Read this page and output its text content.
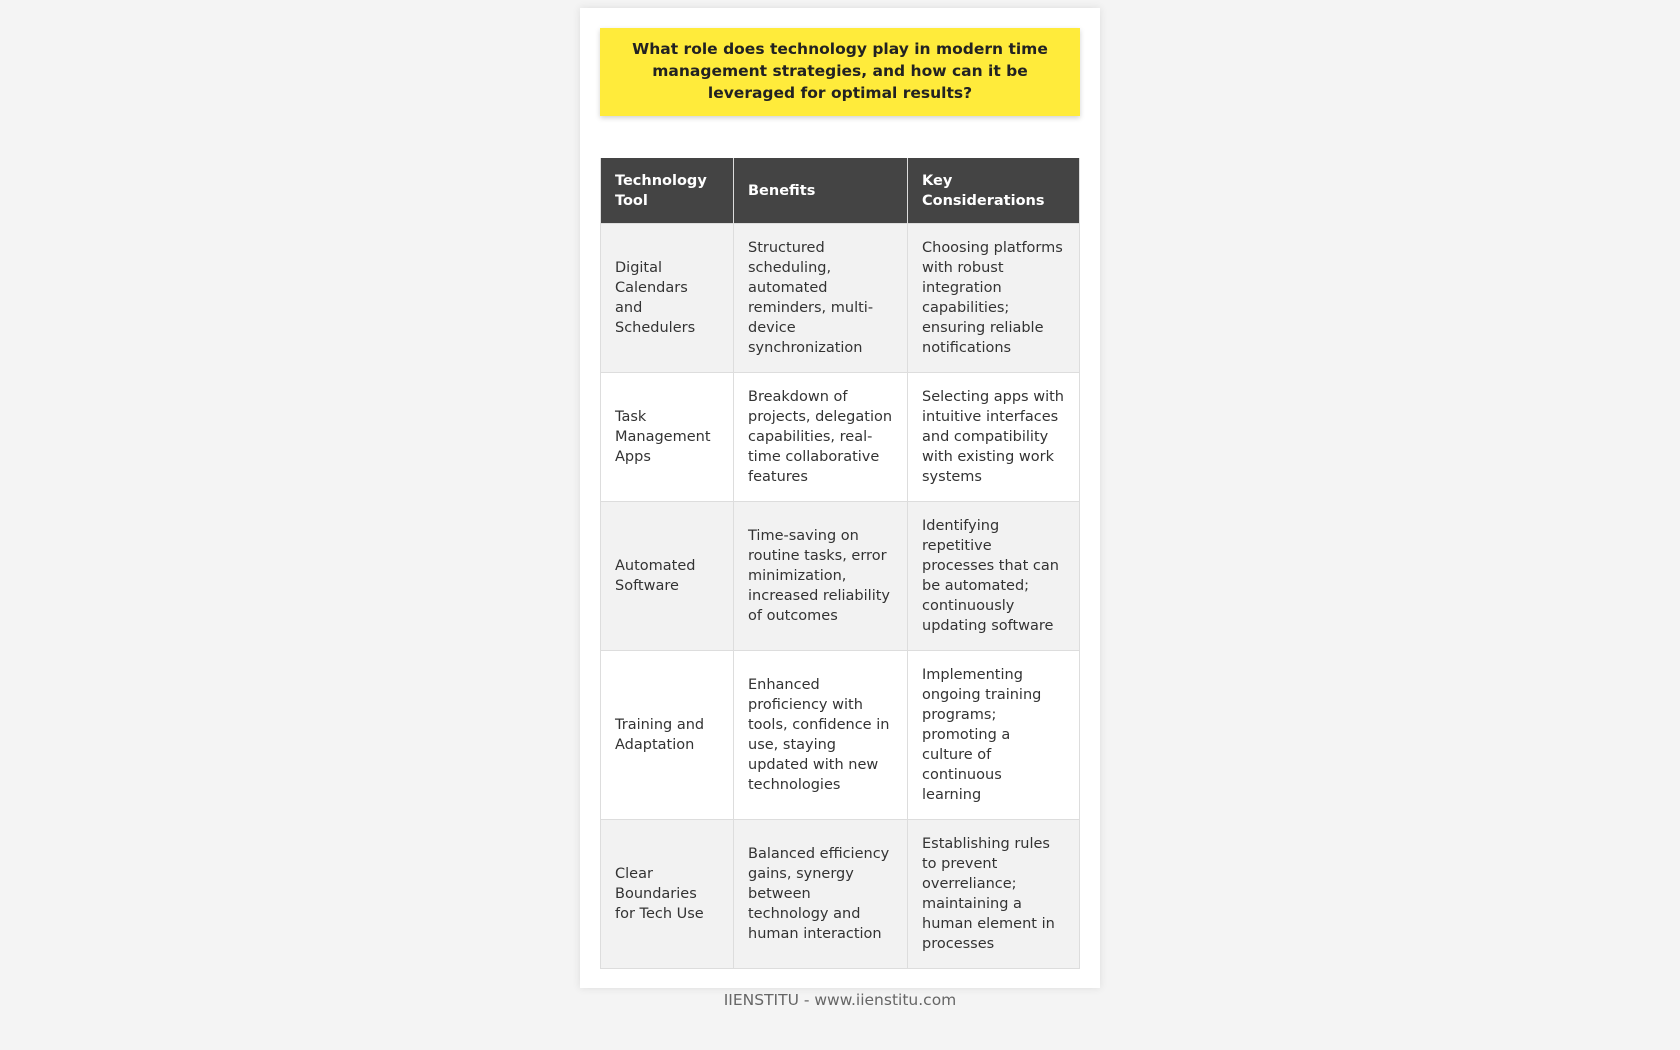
What role does technology play in modern time management strategies, and how can it be leveraged for optimal results?
Technology Tool	Benefits	Key Considerations
Digital Calendars and Schedulers	Structured scheduling, automated reminders, multi-device synchronization	Choosing platforms with robust integration capabilities; ensuring reliable notifications
Task Management Apps	Breakdown of projects, delegation capabilities, real-time collaborative features	Selecting apps with intuitive interfaces and compatibility with existing work systems
Automated Software	Time-saving on routine tasks, error minimization, increased reliability of outcomes	Identifying repetitive processes that can be automated; continuously updating software
Training and Adaptation	Enhanced proficiency with tools, confidence in use, staying updated with new technologies	Implementing ongoing training programs; promoting a culture of continuous learning
Clear Boundaries for Tech Use	Balanced efficiency gains, synergy between technology and human interaction	Establishing rules to prevent overreliance; maintaining a human element in processes
IIENSTITU - www.iienstitu.com
